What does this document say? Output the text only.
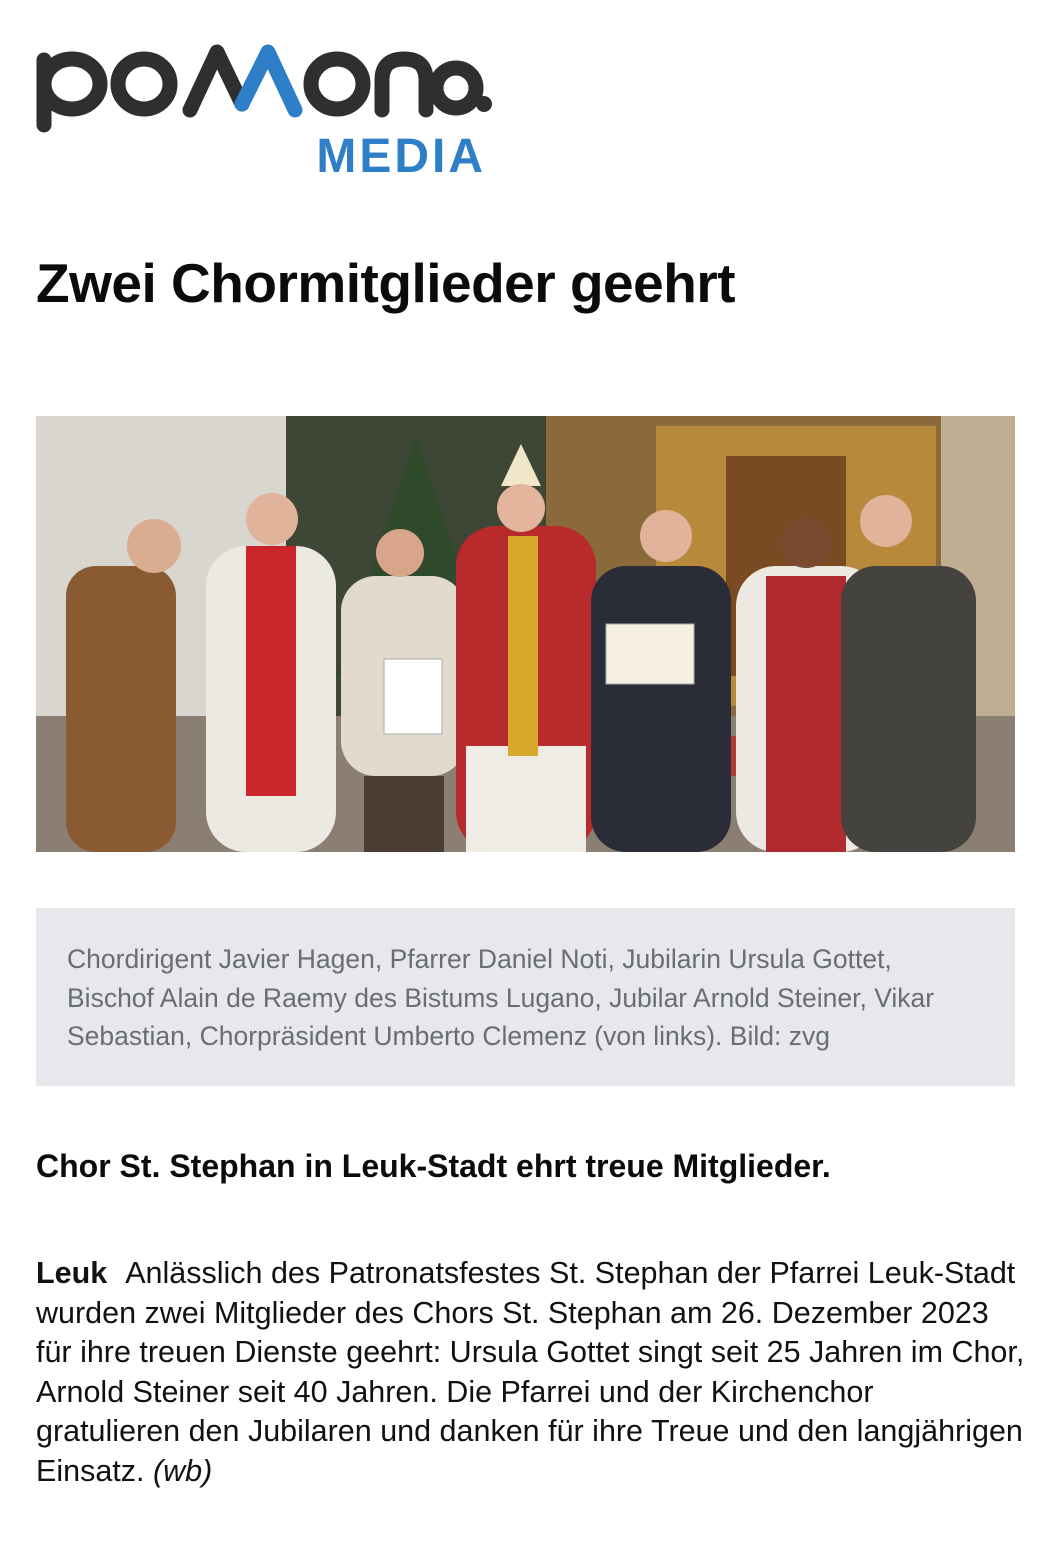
MEDIA
Zwei Chormitglieder geehrt

Chordirigent Javier Hagen, Pfarrer Daniel Noti, Jubilarin Ursula Gottet, Bischof Alain de Raemy des Bistums Lugano, Jubilar Arnold Steiner, Vikar Sebastian, Chorpräsident Umberto Clemenz (von links). Bild: zvg

Chor St. Stephan in Leuk-Stadt ehrt treue Mitglieder.

Leuk Anlässlich des Patronatsfestes St. Stephan der Pfarrei Leuk-Stadt wurden zwei Mitglieder des Chors St. Stephan am 26. Dezember 2023 für ihre treuen Dienste geehrt: Ursula Gottet singt seit 25 Jahren im Chor, Arnold Steiner seit 40 Jahren. Die Pfarrei und der Kirchenchor gratulieren den Jubilaren und danken für ihre Treue und den langjährigen Einsatz. (wb)
